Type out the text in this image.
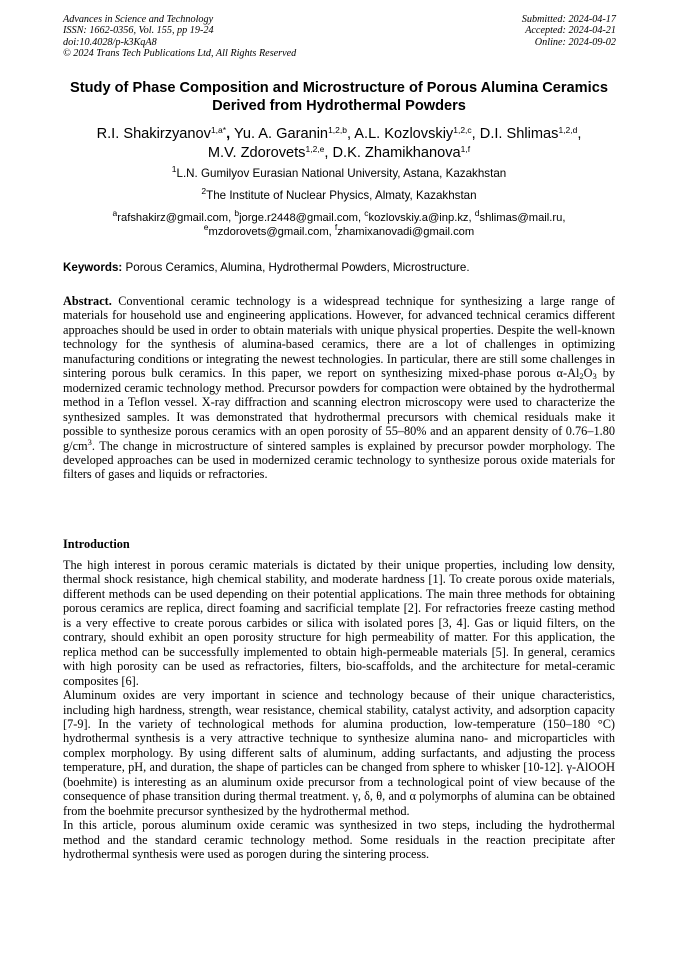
Advances in Science and Technology
ISSN: 1662-0356, Vol. 155, pp 19-24
doi:10.4028/p-k3KqA8
© 2024 Trans Tech Publications Ltd, All Rights Reserved
Submitted: 2024-04-17
Accepted: 2024-04-21
Online: 2024-09-02
Study of Phase Composition and Microstructure of Porous Alumina Ceramics Derived from Hydrothermal Powders
R.I. Shakirzyanov$^{1,a*}$, Yu. A. Garanin$^{1,2,b}$, A.L. Kozlovskiy$^{1,2,c}$, D.I. Shlimas$^{1,2,d}$,
M.V. Zdorovets$^{1,2,e}$, D.K. Zhamikhanova$^{1,f}$
$^1$L.N. Gumilyov Eurasian National University, Astana, Kazakhstan
$^2$The Institute of Nuclear Physics, Almaty, Kazakhstan
$^a$rafshakirz@gmail.com, $^b$jorge.r2448@gmail.com, $^c$kozlovskiy.a@inp.kz, $^d$shlimas@mail.ru,
$^e$mzdorovets@gmail.com, $^f$zhamixanovadi@gmail.com
Keywords: Porous Ceramics, Alumina, Hydrothermal Powders, Microstructure.
Abstract. Conventional ceramic technology is a widespread technique for synthesizing a large range of materials for household use and engineering applications. However, for advanced technical ceramics different approaches should be used in order to obtain materials with unique physical properties. Despite the well-known technology for the synthesis of alumina-based ceramics, there are a lot of challenges in optimizing manufacturing conditions or integrating the newest technologies. In particular, there are still some challenges in sintering porous bulk ceramics. In this paper, we report on synthesizing mixed-phase porous $\alpha-Al_2O_3$ by modernized ceramic technology method. Precursor powders for compaction were obtained by the hydrothermal method in a Teflon vessel. X-ray diffraction and scanning electron microscopy were used to characterize the synthesized samples. It was demonstrated that hydrothermal precursors with chemical residuals make it possible to synthesize porous ceramics with an open porosity of 55–80% and an apparent density of 0.76–1.80 $g/cm^3$. The change in microstructure of sintered samples is explained by precursor powder morphology. The developed approaches can be used in modernized ceramic technology to synthesize porous oxide materials for filters of gases and liquids or refractories.
Introduction

The high interest in porous ceramic materials is dictated by their unique properties, including low density, thermal shock resistance, high chemical stability, and moderate hardness [1]. To create porous oxide materials, different methods can be used depending on their potential applications. The main three methods for obtaining porous ceramics are replica, direct foaming and sacrificial template [2]. For refractories freeze casting method is a very effective to create porous carbides or silica with isolated pores [3, 4]. Gas or liquid filters, on the contrary, should exhibit an open porosity structure for high permeability of matter. For this application, the replica method can be successfully implemented to obtain high-permeable materials [5]. In general, ceramics with high porosity can be used as refractories, filters, bio-scaffolds, and the architecture for metal-ceramic composites [6].

Aluminum oxides are very important in science and technology because of their unique characteristics, including high hardness, strength, wear resistance, chemical stability, catalyst activity, and adsorption capacity [7-9]. In the variety of technological methods for alumina production, low-temperature (150–180 °C) hydrothermal synthesis is a very attractive technique to synthesize alumina nano- and microparticles with complex morphology. By using different salts of aluminum, adding surfactants, and adjusting the process temperature, pH, and duration, the shape of particles can be changed from sphere to whisker [10-12]. γ-AlOOH (boehmite) is interesting as an aluminum oxide precursor from a technological point of view because of the consequence of phase transition during thermal treatment. γ, δ, θ, and α polymorphs of alumina can be obtained from the boehmite precursor synthesized by the hydrothermal method.

In this article, porous aluminum oxide ceramic was synthesized in two steps, including the hydrothermal method and the standard ceramic technology method. Some residuals in the reaction precipitate after hydrothermal synthesis were used as porogen during the sintering process.
